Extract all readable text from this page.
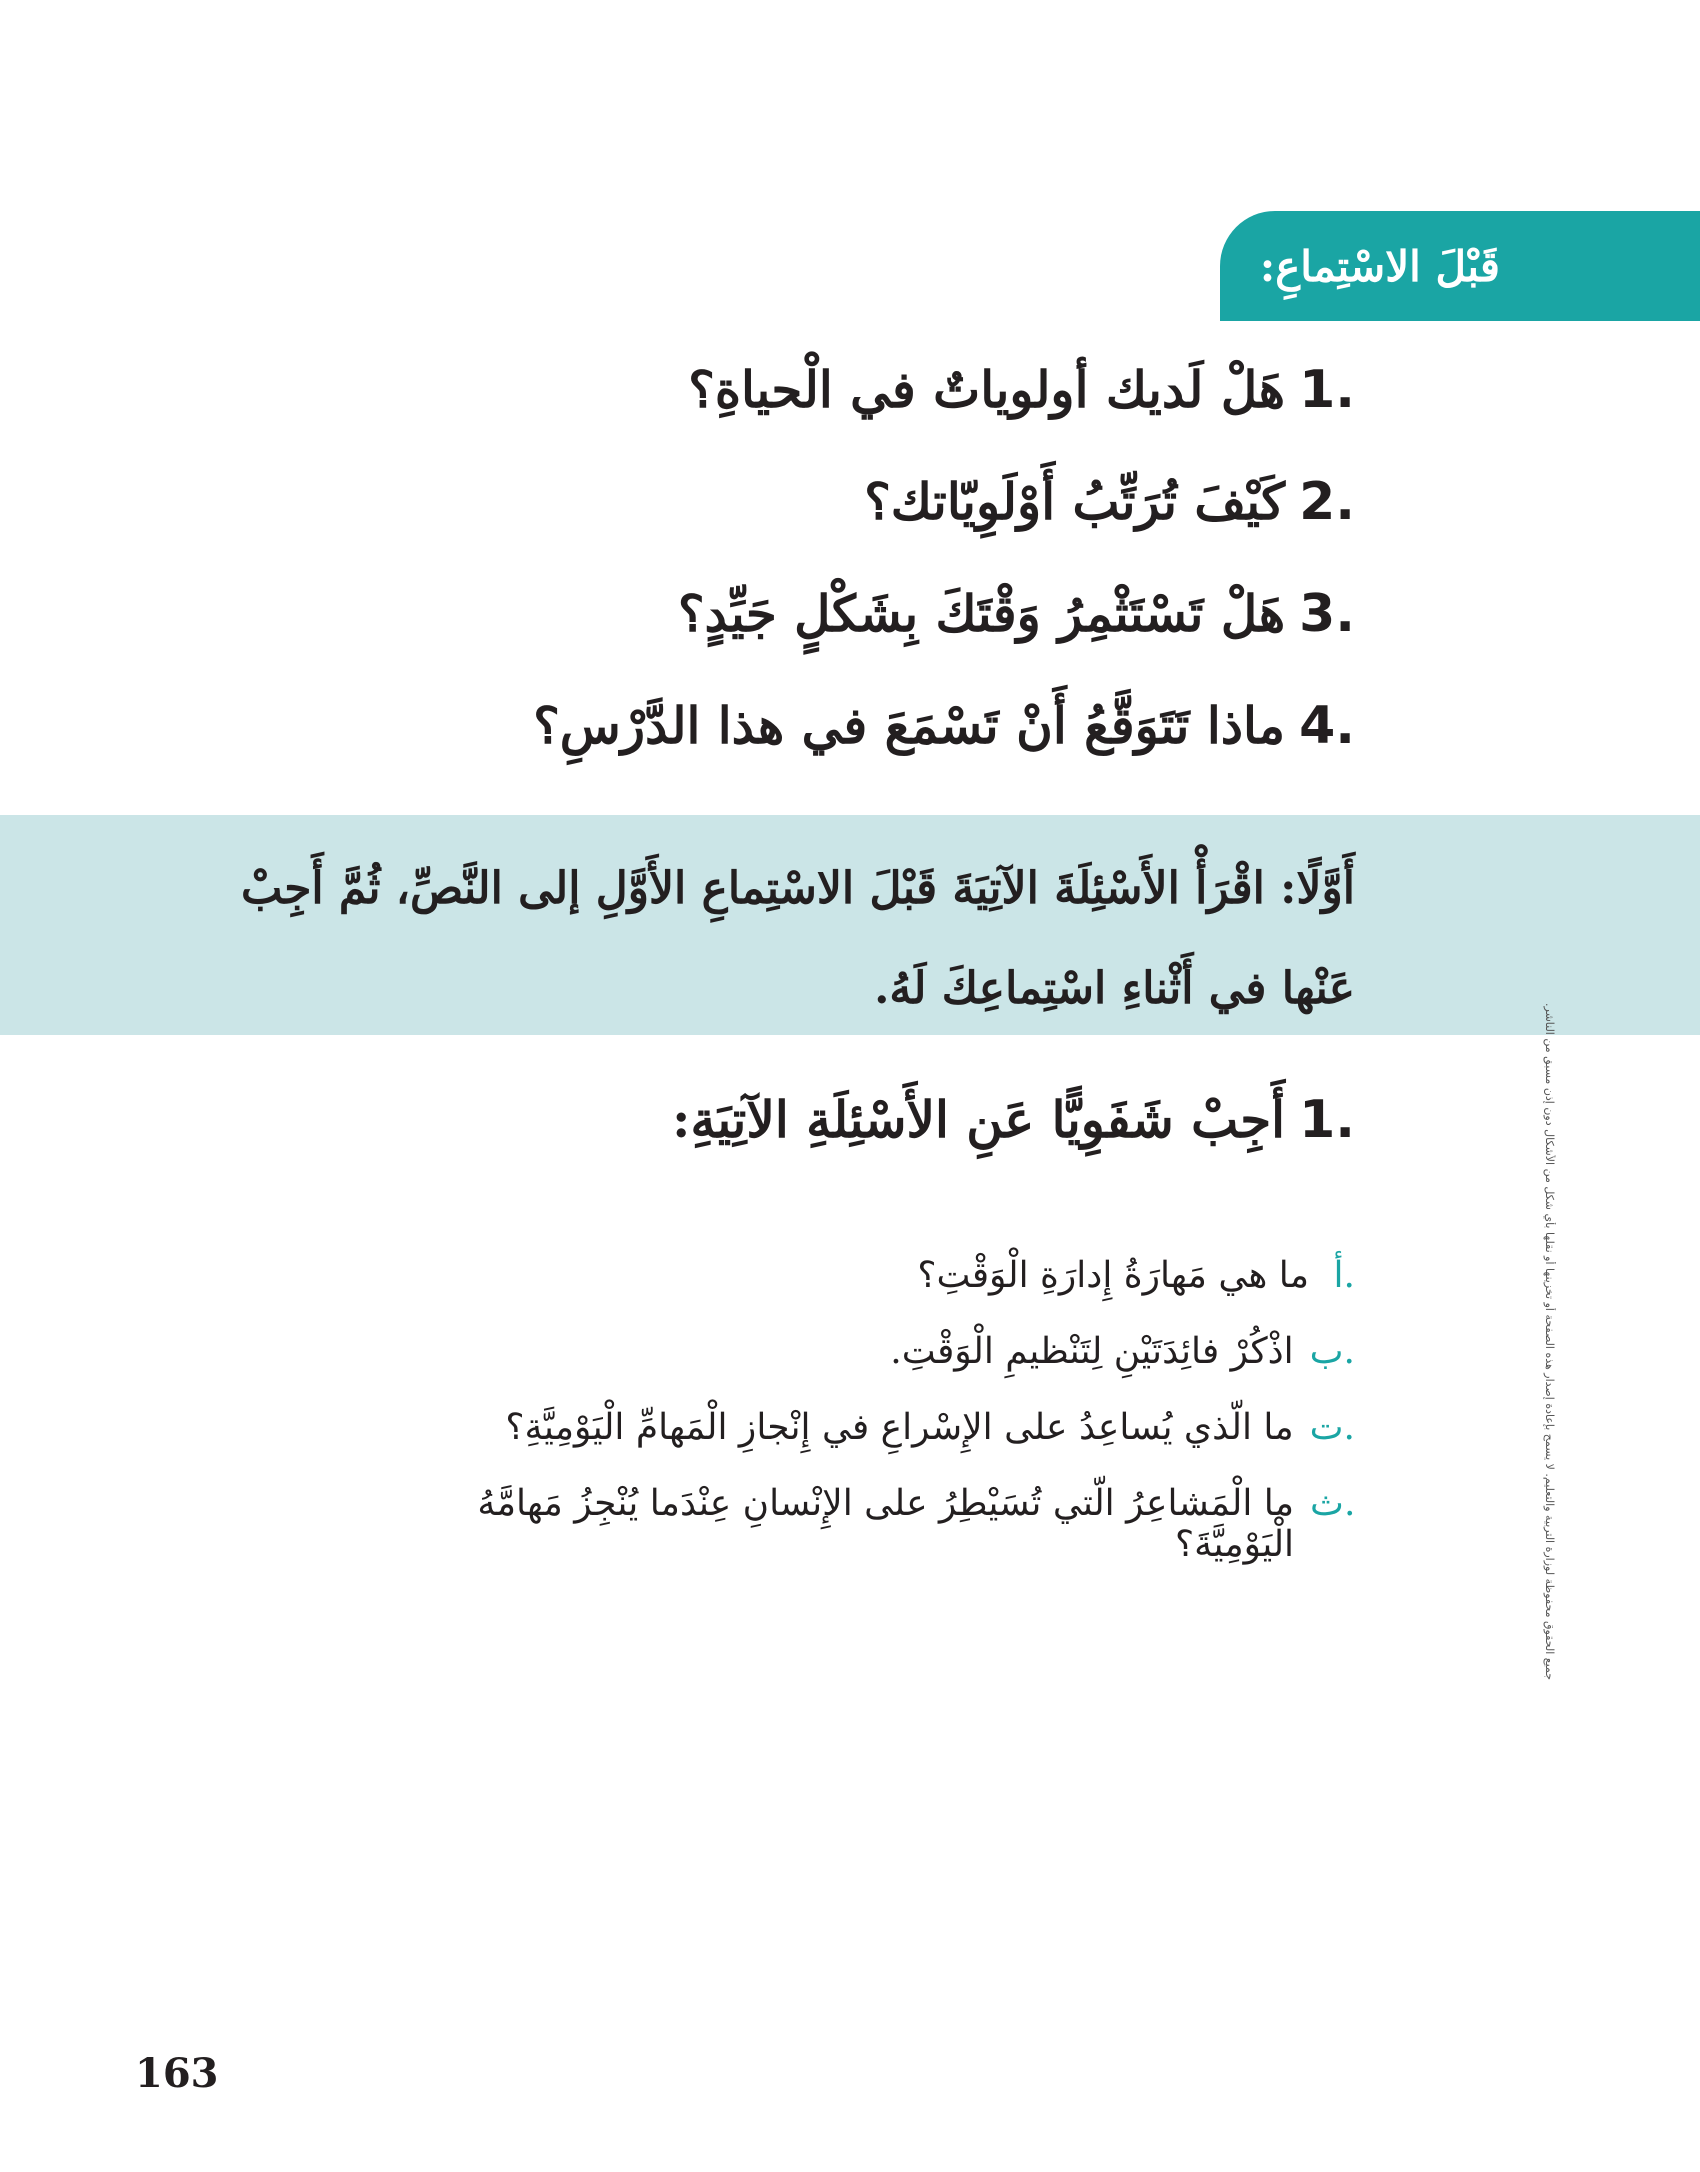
قَبْلَ الاسْتِماعِ:
1.
هَلْ لَديك أولوياتٌ في الْحياةِ؟
2.
كَيْفَ تُرَتِّبُ أَوْلَوِيّاتك؟
3.
هَلْ تَسْتَثْمِرُ وَقْتَكَ بِشَكْلٍ جَيِّدٍ؟
4.
ماذا تَتَوَقَّعُ أَنْ تَسْمَعَ في هذا الدَّرْسِ؟
أَوَّلًا: اقْرَأْ الأَسْئِلَةَ الآتِيَةَ قَبْلَ الاسْتِماعِ الأَوَّلِ إلى النَّصِّ، ثُمَّ أَجِبْ عَنْها في أَثْناءِ اسْتِماعِكَ لَهُ.
1.
أَجِبْ شَفَوِيًّا عَنِ الأَسْئِلَةِ الآتِيَةِ:
أ.
ما هي مَهارَةُ إِدارَةِ الْوَقْتِ؟
ب.
اذْكُرْ فائِدَتَيْنِ لِتَنْظيمِ الْوَقْتِ.
ت.
ما الّذي يُساعِدُ على الإِسْراعِ في إِنْجازِ الْمَهامِّ الْيَوْمِيَّةِ؟
ث.
ما الْمَشاعِرُ الّتي تُسَيْطِرُ على الإِنْسانِ عِنْدَما يُنْجِزُ مَهامَّهُ الْيَوْمِيَّةَ؟	جميع الحقوق محفوظة لوزارة التربية والتعليم. لا يسمح بإعادة إصدار هذه الصفحة أو تخزينها أو نقلها بأي شكل من الأشكال دون إذن مسبق من الناشر.
163
